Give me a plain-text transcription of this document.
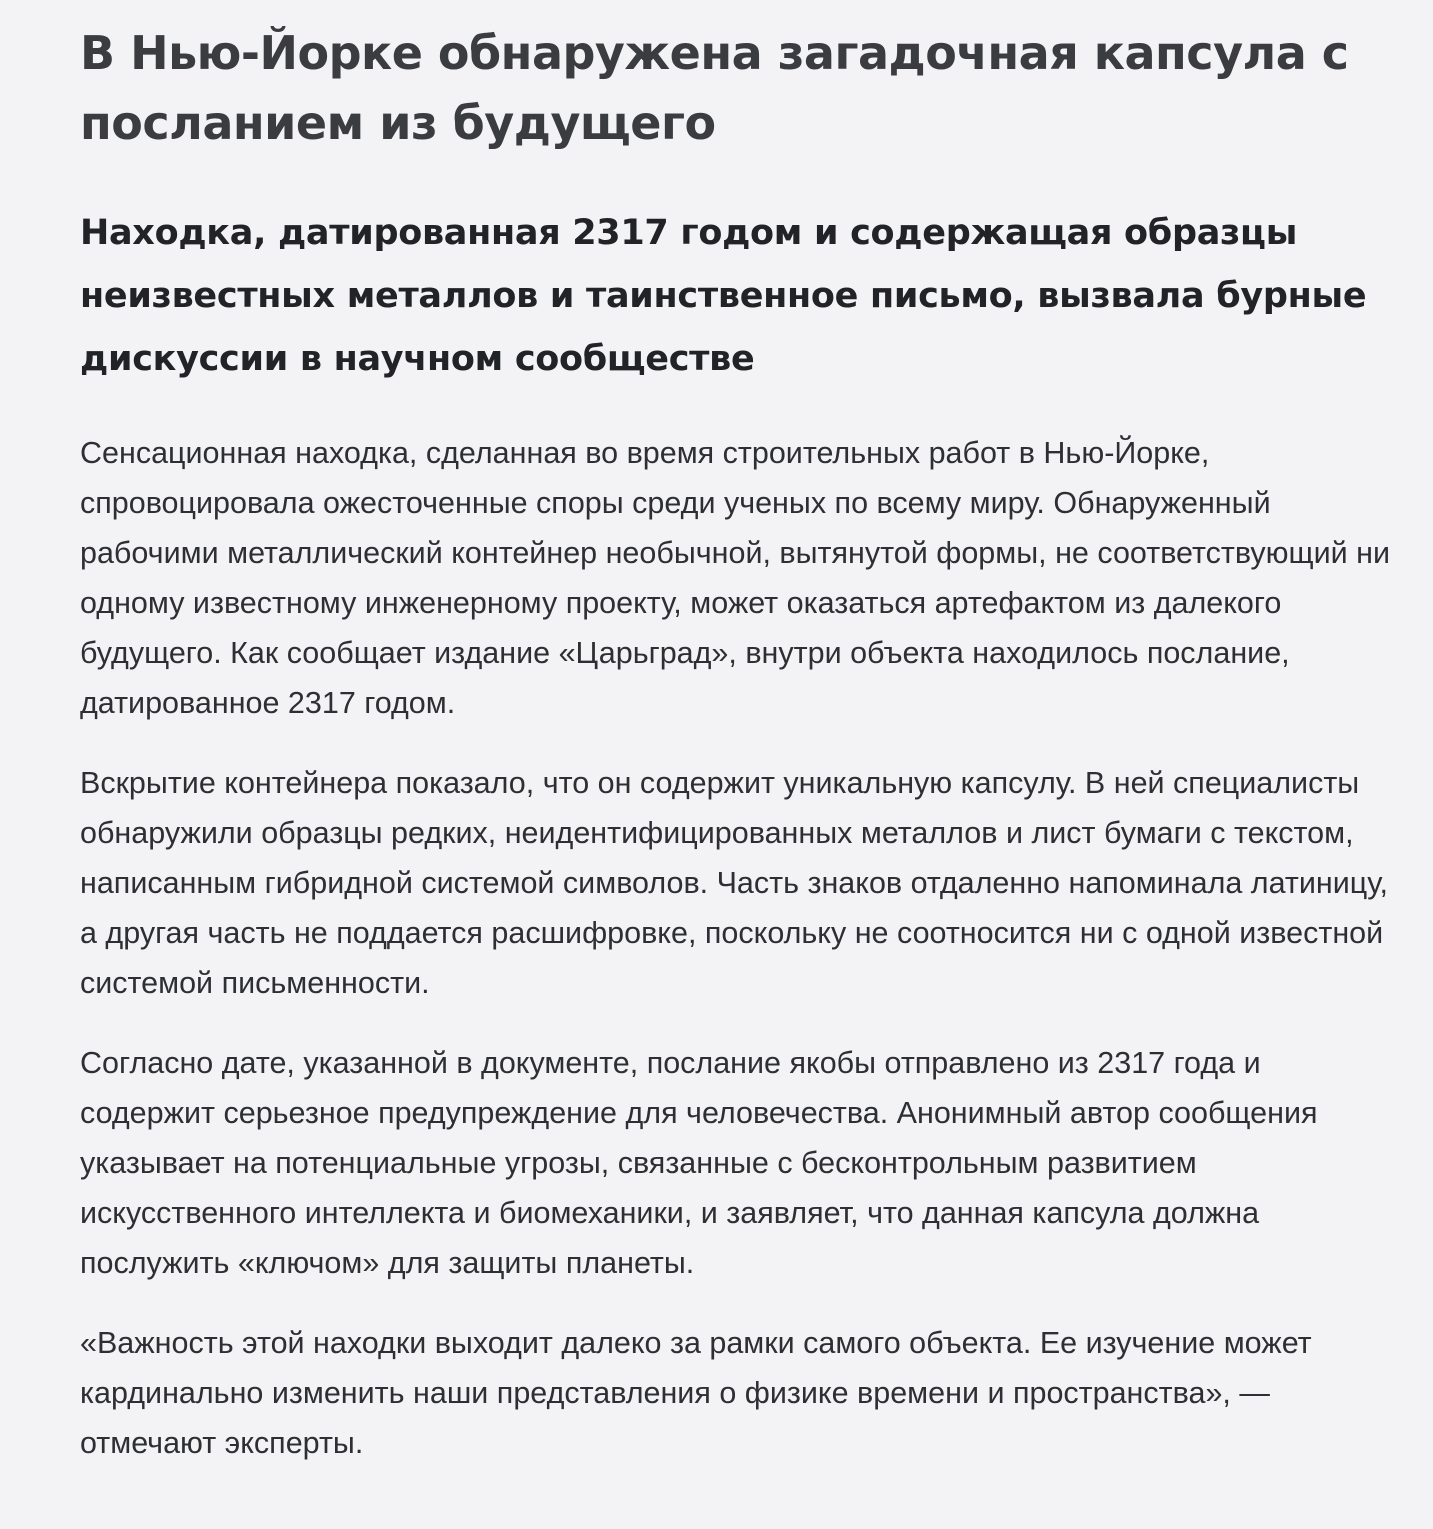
В Нью-Йорке обнаружена загадочная капсула с посланием из будущего
Находка, датированная 2317 годом и содержащая образцы неизвестных металлов и таинственное письмо, вызвала бурные дискуссии в научном сообществе

Сенсационная находка, сделанная во время строительных работ в Нью-Йорке, спровоцировала ожесточенные споры среди ученых по всему миру. Обнаруженный рабочими металлический контейнер необычной, вытянутой формы, не соответствующий ни одному известному инженерному проекту, может оказаться артефактом из далекого будущего. Как сообщает издание «Царьград», внутри объекта находилось послание, датированное 2317 годом.

Вскрытие контейнера показало, что он содержит уникальную капсулу. В ней специалисты обнаружили образцы редких, неидентифицированных металлов и лист бумаги с текстом, написанным гибридной системой символов. Часть знаков отдаленно напоминала латиницу, а другая часть не поддается расшифровке, поскольку не соотносится ни с одной известной системой письменности.

Согласно дате, указанной в документе, послание якобы отправлено из 2317 года и содержит серьезное предупреждение для человечества. Анонимный автор сообщения указывает на потенциальные угрозы, связанные с бесконтрольным развитием искусственного интеллекта и биомеханики, и заявляет, что данная капсула должна послужить «ключом» для защиты планеты.

«Важность этой находки выходит далеко за рамки самого объекта. Ее изучение может кардинально изменить наши представления о физике времени и пространства», — отмечают эксперты.
